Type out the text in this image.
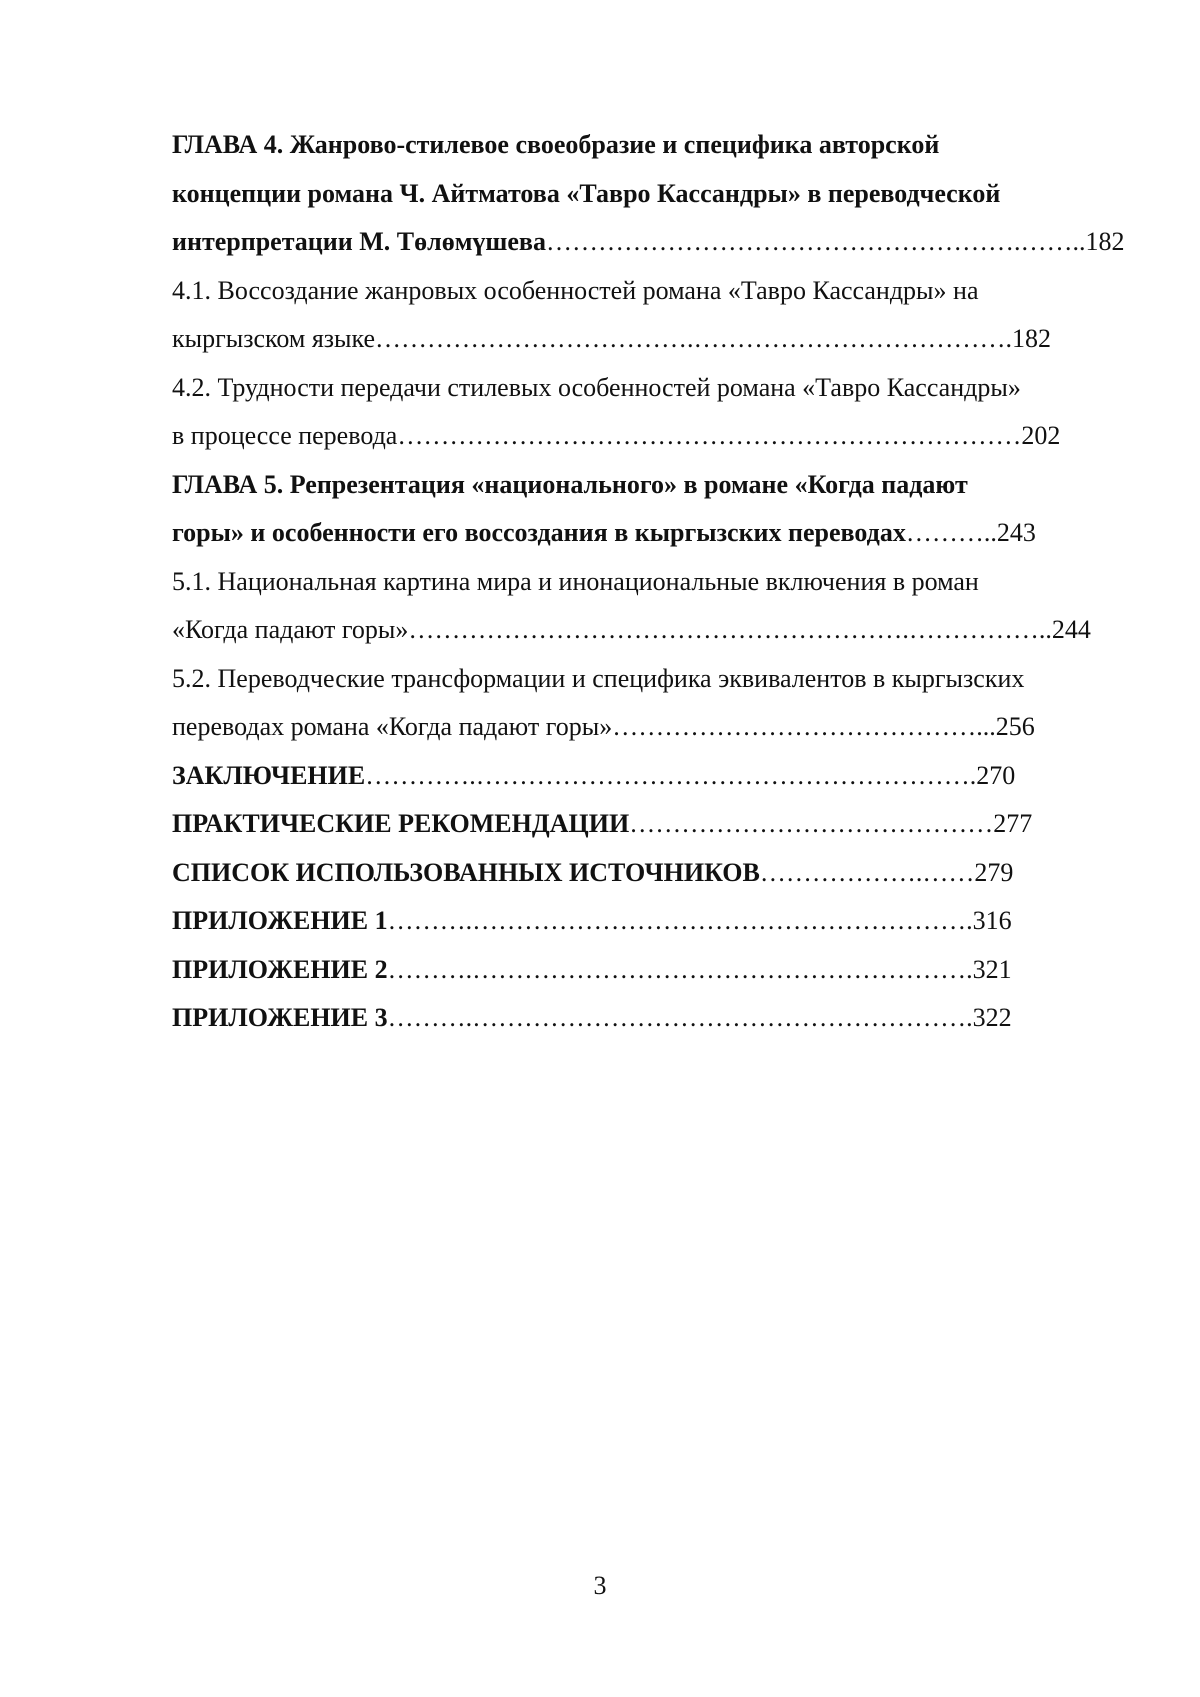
ГЛАВА 4. Жанрово-стилевое своеобразие и специфика авторской
концепции романа Ч. Айтматова «Тавро Кассандры» в переводческой
интерпретации М. Төлөмүшева……………………………………………….……..182
4.1. Воссоздание жанровых особенностей романа «Тавро Кассандры» на
кыргызском языке……………………………….……………………………….182
4.2. Трудности передачи стилевых особенностей романа «Тавро Кассандры»
в процессе перевода………………………………………………………………202
ГЛАВА 5. Репрезентация «национального» в романе «Когда падают
горы» и особенности его воссоздания в кыргызских переводах………..243
5.1. Национальная картина мира и инонациональные включения в роман
«Когда падают горы»………………………………………………….……………..244
5.2. Переводческие трансформации и специфика эквивалентов в кыргызских
переводах романа «Когда падают горы»……………………………………...256
ЗАКЛЮЧЕНИЕ………….………………………………………………….270
ПРАКТИЧЕСКИЕ РЕКОМЕНДАЦИИ……………………………………277
СПИСОК ИСПОЛЬЗОВАННЫХ ИСТОЧНИКОВ……………….……279
ПРИЛОЖЕНИЕ 1……….………………………………………………….316
ПРИЛОЖЕНИЕ 2……….………………………………………………….321
ПРИЛОЖЕНИЕ 3……….………………………………………………….322
3
